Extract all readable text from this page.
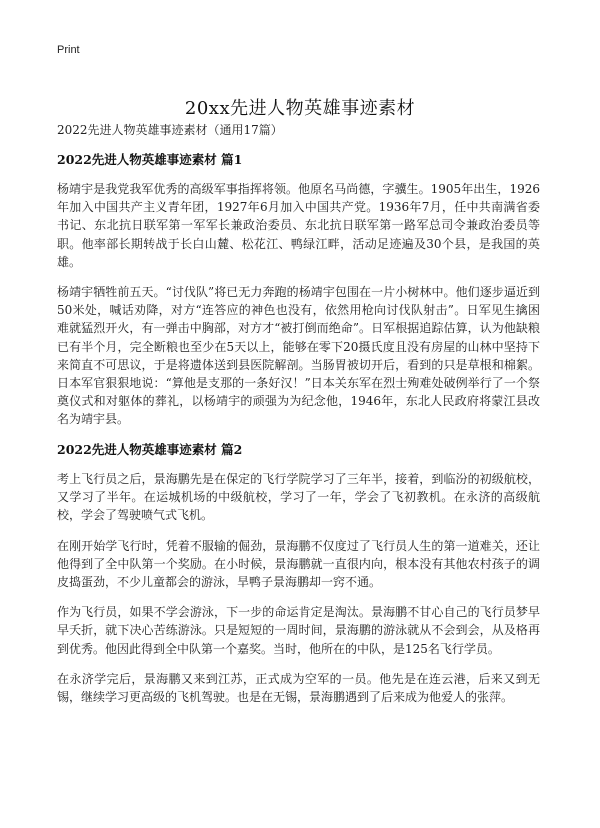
Print
20xx先进人物英雄事迹素材
2022先进人物英雄事迹素材（通用17篇）
2022先进人物英雄事迹素材 篇1

杨靖宇是我党我军优秀的高级军事指挥将领。他原名马尚德，字骥生。1905年出生，1926年加入中国共产主义青年团，1927年6月加入中国共产党。1936年7月，任中共南满省委书记、东北抗日联军第一军军长兼政治委员、东北抗日联军第一路军总司令兼政治委员等职。他率部长期转战于长白山麓、松花江、鸭绿江畔，活动足迹遍及30个县，是我国的英雄。

杨靖宇牺牲前五天。“讨伐队”将已无力奔跑的杨靖宇包围在一片小树林中。他们逐步逼近到50米处，喊话劝降，对方“连答应的神色也没有，依然用枪向讨伐队射击”。日军见生擒困难就猛烈开火，有一弹击中胸部，对方才“被打倒而绝命”。日军根据追踪估算，认为他缺粮已有半个月，完全断粮也至少在5天以上，能够在零下20摄氏度且没有房屋的山林中坚持下来简直不可思议，于是将遗体送到县医院解剖。当肠胃被切开后，看到的只是草根和棉絮。日本军官狠狠地说：“算他是支那的一条好汉！”日本关东军在烈士殉难处破例举行了一个祭奠仪式和对躯体的葬礼，以杨靖宇的顽强为为纪念他，1946年，东北人民政府将蒙江县改名为靖宇县。

2022先进人物英雄事迹素材 篇2

考上飞行员之后，景海鹏先是在保定的飞行学院学习了三年半，接着，到临汾的初级航校，又学习了半年。在运城机场的中级航校，学习了一年，学会了飞初教机。在永济的高级航校，学会了驾驶喷气式飞机。

在刚开始学飞行时，凭着不服输的倔劲，景海鹏不仅度过了飞行员人生的第一道难关，还让他得到了全中队第一个奖励。在小时候，景海鹏就一直很内向，根本没有其他农村孩子的调皮捣蛋劲，不少儿童都会的游泳，旱鸭子景海鹏却一窍不通。

作为飞行员，如果不学会游泳，下一步的命运肯定是淘汰。景海鹏不甘心自己的飞行员梦早早夭折，就下决心苦练游泳。只是短短的一周时间，景海鹏的游泳就从不会到会，从及格再到优秀。他因此得到全中队第一个嘉奖。当时，他所在的中队，是125名飞行学员。

在永济学完后，景海鹏又来到江苏，正式成为空军的一员。他先是在连云港，后来又到无锡，继续学习更高级的飞机驾驶。也是在无锡，景海鹏遇到了后来成为他爱人的张萍。
